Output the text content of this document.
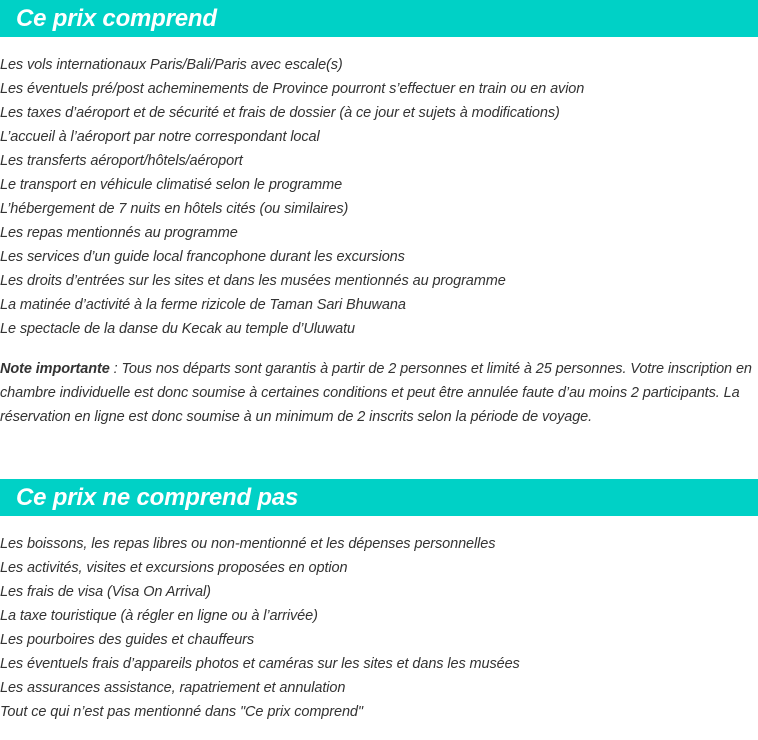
Ce prix comprend
Les vols internationaux Paris/Bali/Paris avec escale(s)
Les éventuels pré/post acheminements de Province pourront s’effectuer en train ou en avion
Les taxes d’aéroport et de sécurité et frais de dossier (à ce jour et sujets à modifications)
L’accueil à l’aéroport par notre correspondant local
Les transferts aéroport/hôtels/aéroport
Le transport en véhicule climatisé selon le programme
L’hébergement de 7 nuits en hôtels cités (ou similaires)
Les repas mentionnés au programme
Les services d’un guide local francophone durant les excursions
Les droits d’entrées sur les sites et dans les musées mentionnés au programme
La matinée d’activité à la ferme rizicole de Taman Sari Bhuwana
Le spectacle de la danse du Kecak au temple d’Uluwatu

Note importante : Tous nos départs sont garantis à partir de 2 personnes et limité à 25 personnes. Votre inscription en chambre individuelle est donc soumise à certaines conditions et peut être annulée faute d’au moins 2 participants. La réservation en ligne est donc soumise à un minimum de 2 inscrits selon la période de voyage.

Ce prix ne comprend pas
Les boissons, les repas libres ou non-mentionné et les dépenses personnelles
Les activités, visites et excursions proposées en option
Les frais de visa (Visa On Arrival)
La taxe touristique (à régler en ligne ou à l’arrivée)
Les pourboires des guides et chauffeurs
Les éventuels frais d’appareils photos et caméras sur les sites et dans les musées
Les assurances assistance, rapatriement et annulation
Tout ce qui n’est pas mentionné dans "Ce prix comprend"
